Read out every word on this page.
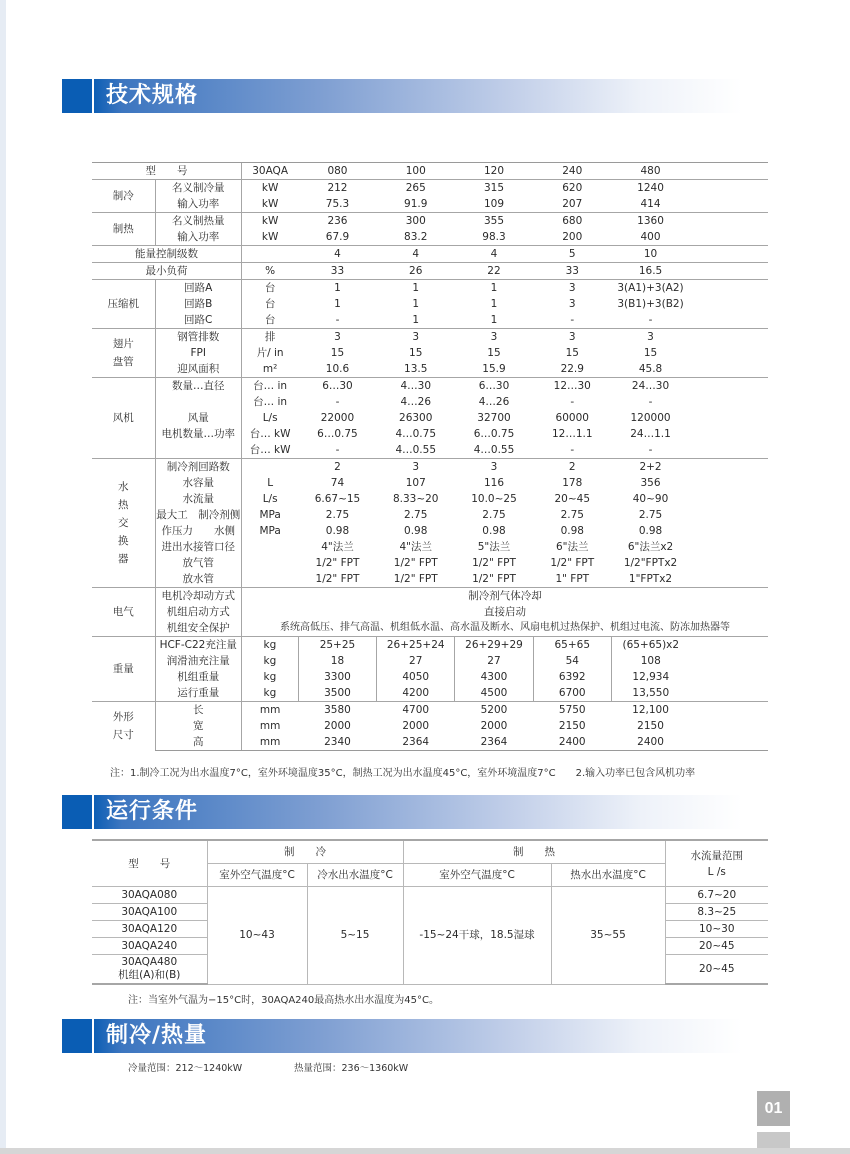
技术规格
型　　号		30AQA	080	100	120	240	480	
制冷	名义制冷量	kW	212	265	315	620	1240	
	输入功率	kW	75.3	91.9	109	207	414	
制热	名义制热量	kW	236	300	355	680	1360	
	输入功率	kW	67.9	83.2	98.3	200	400	
能量控制级数			4	4	4	5	10	
最小负荷		%	33	26	22	33	16.5	
压缩机	回路A	台	1	1	1	3	3(A1)+3(A2)	
	回路B	台	1	1	1	3	3(B1)+3(B2)	
	回路C	台	-	1	1	-	-	

翅片
盘管	钢管排数	排	3	3	3	3	3	
	FPI	片/ in	15	15	15	15	15	
	迎风面积	m²	10.6	13.5	15.9	22.9	45.8	
风机	数量…直径	台… in	6…30	4…30	6…30	12…30	24…30	
		台… in	-	4…26	4…26	-	-	
	风量	L/s	22000	26300	32700	60000	120000	
	电机数量…功率	台… kW	6…0.75	4…0.75	6…0.75	12…1.1	24…1.1	
		台… kW	-	4…0.55	4…0.55	-	-	

水
热
交
换
器	制冷剂回路数		2	3	3	2	2+2	
	水容量	L	74	107	116	178	356	
	水流量	L/s	6.67~15	8.33~20	10.0~25	20~45	40~90	
	最大工　制冷剂侧	MPa	2.75	2.75	2.75	2.75	2.75	
	作压力　　水侧	MPa	0.98	0.98	0.98	0.98	0.98	
	进出水接管口径		4"法兰	4"法兰	5"法兰	6"法兰	6"法兰x2	
	放气管		1/2" FPT	1/2" FPT	1/2" FPT	1/2" FPT	1/2"FPTx2	
	放水管		1/2" FPT	1/2" FPT	1/2" FPT	1" FPT	1"FPTx2	
电气	电机冷却动方式	制冷剂气体冷却						
	机组启动方式	直接启动						
	机组安全保护	系统高低压、排气高温、机组低水温、高水温及断水、风扇电机过热保护、机组过电流、防冻加热器等						
重量	HCF-C22充注量	kg	25+25	26+25+24	26+29+29	65+65	(65+65)x2	
	润滑油充注量	kg	18	27	27	54	108	
	机组重量	kg	3300	4050	4300	6392	12,934	
	运行重量	kg	3500	4200	4500	6700	13,550	

外形
尺寸	长	mm	3580	4700	5200	5750	12,100	
	宽	mm	2000	2000	2000	2150	2150	
	高	mm	2340	2364	2364	2400	2400	
注：1.制冷工况为出水温度7°C，室外环境温度35°C，制热工况为出水温度45°C，室外环境温度7°C　　2.输入功率已包含风机功率
运行条件
型　　号	制　　冷		制　　热		水流量范围
L /s

	室外空气温度°C	冷水出水温度°C	室外空气温度°C	热水出水温度°C	
30AQA080	10~43	5~15	-15~24干球，18.5湿球	35~55	6.7~20
30AQA100					8.3~25
30AQA120					10~30
30AQA240					20~45

30AQA480
机组(A)和(B)					20~45
注：当室外气温为−15°C时，30AQA240最高热水出水温度为45°C。
制冷/热量
冷量范围：212～1240kW	热量范围：236～1360kW
01
